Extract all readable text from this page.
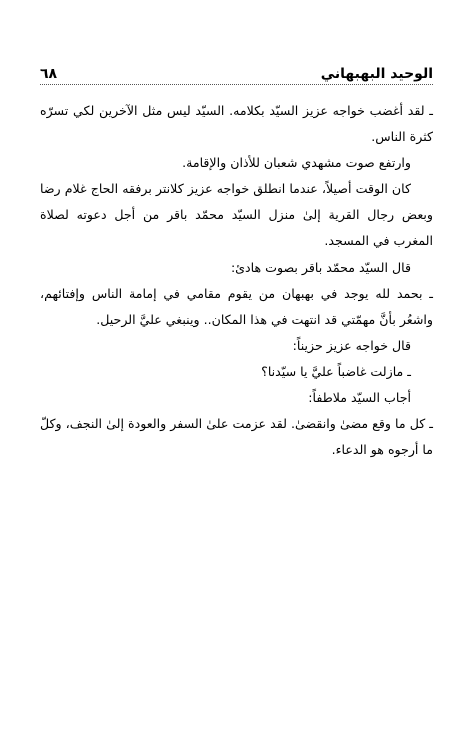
الوحيد البهبهاني
٦٨

ـ لقد أغضب خواجه عزيز السيّد بكلامه. السيّد ليس مثل الآخرين لكي تسرّه كثرة الناس.

وارتفع صوت مشهدي شعبان للأذان والإقامة.

كان الوقت أصيلاً، عندما انطلق خواجه عزيز كلانتر برفقه الحاج غلام رضا وبعض رجال القرية إلىٰ منزل السيّد محمّد باقر من أجل دعوته لصلاة المغرب في المسجد.

قال السيّد محمّد باقر بصوت هادئ:

ـ بحمد لله يوجد في بهبهان من يقوم مقامي في إمامة الناس وإفتائهم، واشعُر بأنَّ مهمّتي قد انتهت في هذا المكان.. وينبغي عليَّ الرحيل.

قال خواجه عزيز حزيناً:

ـ مازلت غاضباً عليَّ يا سيّدنا؟

أجاب السيّد ملاطفاً:

ـ كل ما وقع مضىٰ وانقضىٰ. لقد عزمت علىٰ السفر والعودة إلىٰ النجف، وكلّ ما أرجوه هو الدعاء.
